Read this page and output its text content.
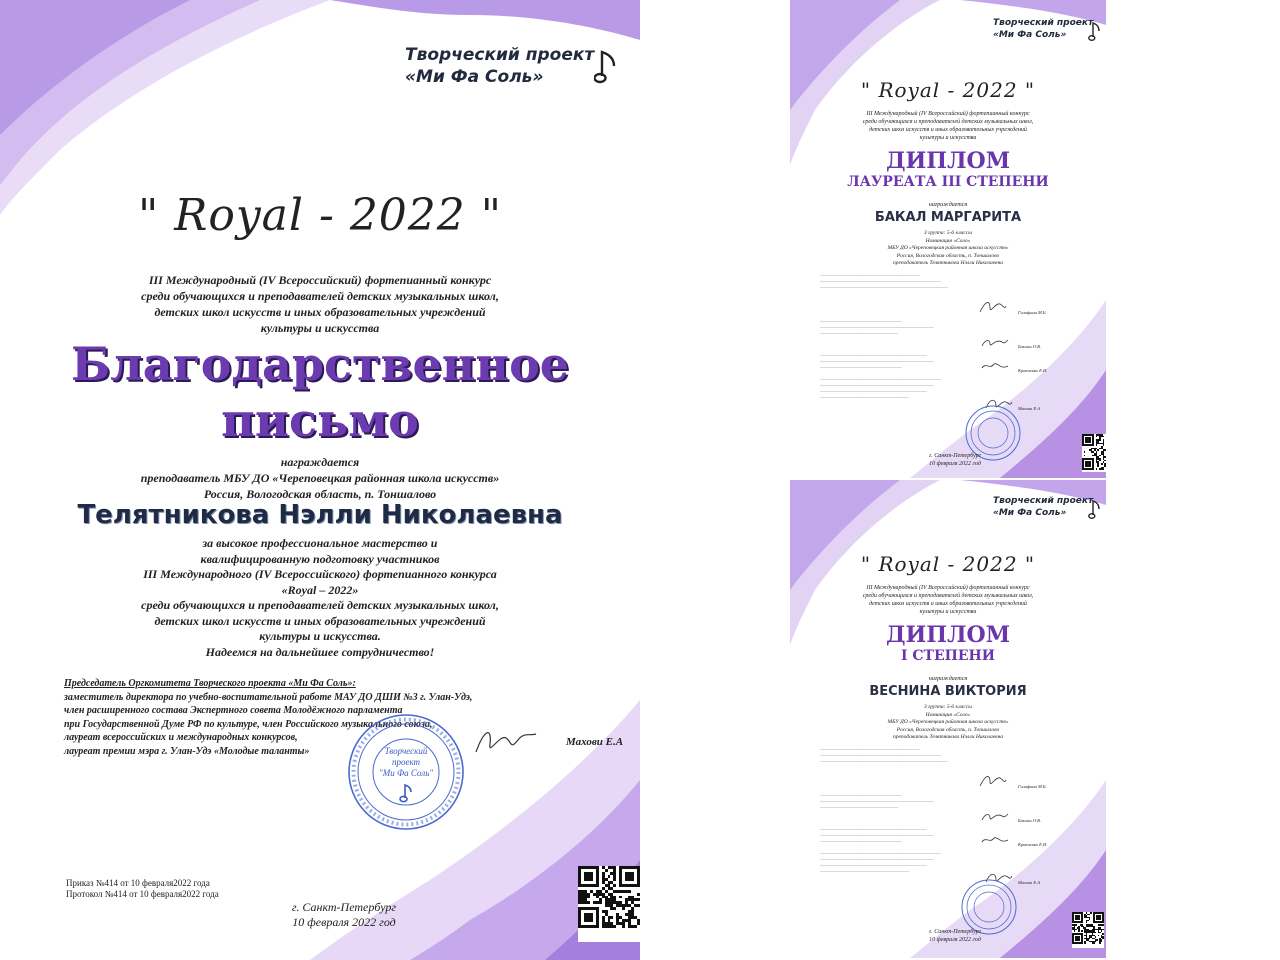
Творческий проект
«Ми Фа Соль»
" Royal - 2022 "
III Международный (IV Всероссийский) фортепианный конкурс
среди обучающихся и преподавателей детских музыкальных школ,
детских школ искусств и иных образовательных учреждений
культуры и искусства
Благодарственное
письмо
награждается
преподаватель МБУ ДО «Череповецкая районная школа искусств»
Россия, Вологодская область, п. Тоншалово
Телятникова Нэлли Николаевна
за высокое профессиональное мастерство и
квалифицированную подготовку участников
III Международного (IV Всероссийского) фортепианного конкурса
«Royal – 2022»
среди обучающихся и преподавателей детских музыкальных школ,
детских школ искусств и иных образовательных учреждений
культуры и искусства.
Надеемся на дальнейшее сотрудничество!
Председатель Оргкомитета Творческого проекта «Ми Фа Соль»:
заместитель директора по учебно-воспитательной работе МАУ ДО ДШИ №3 г. Улан-Удэ,
член расширенного состава Экспертного совета Молодёжного парламента
при Государственной Думе РФ по культуре, член Российского музыкального союза,
лауреат всероссийских и международных конкурсов,
лауреат премии мэра г. Улан-Удэ «Молодые таланты»
Махови Е.А
Творческий
проект
"Ми Фа Соль"
Приказ №414 от 10 февраля2022 года
Протокол №414 от 10 февраля2022 года
г. Санкт-Петербург
10 февраля 2022 год
Творческий проект
«Ми Фа Соль»
" Royal - 2022 "
III Международный (IV Всероссийский) фортепианный конкурс
среди обучающихся и преподавателей детских музыкальных школ,
детских школ искусств и иных образовательных учреждений
культуры и искусства
ДИПЛОМ
ЛАУРЕАТА III СТЕПЕНИ
награждается
БАКАЛ МАРГАРИТА
3 группа: 5-6 классы
Номинация «Соло»
МБУ ДО «Череповецкая районная школа искусств»
Россия, Вологодская область, п. Тоншалово
преподаватель Телятникова Нэлли Николаевна
————————————————————————————
——————————————————————————————————
————————————————————————————————————
———————————————————————
————————————————————————————————
——————————————————————
——————————————————————————————
————————————————————————————————
———————————————————————
——————————————————————————————————
————————————————————————————————
——————————————————————————————
—————————————————————————
Гилифина М.Б.
Баклан О.В.
Кравченко Е.И.
Махови Е.А
г. Санкт-Петербург
10 февраля 2022 год
Творческий проект
«Ми Фа Соль»
" Royal - 2022 "
III Международный (IV Всероссийский) фортепианный конкурс
среди обучающихся и преподавателей детских музыкальных школ,
детских школ искусств и иных образовательных учреждений
культуры и искусства
ДИПЛОМ
I СТЕПЕНИ
награждается
ВЕСНИНА ВИКТОРИЯ
3 группа: 5-6 классы
Номинация «Соло»
МБУ ДО «Череповецкая районная школа искусств»
Россия, Вологодская область, п. Тоншалово
преподаватель Телятникова Нэлли Николаевна
————————————————————————————
——————————————————————————————————
————————————————————————————————————
———————————————————————
————————————————————————————————
——————————————————————
——————————————————————————————
————————————————————————————————
———————————————————————
——————————————————————————————————
————————————————————————————————
——————————————————————————————
—————————————————————————
Гилифина М.Б.
Баклан О.В.
Кравченко Е.И.
Махови Е.А
г. Санкт-Петербург
10 февраля 2022 год
